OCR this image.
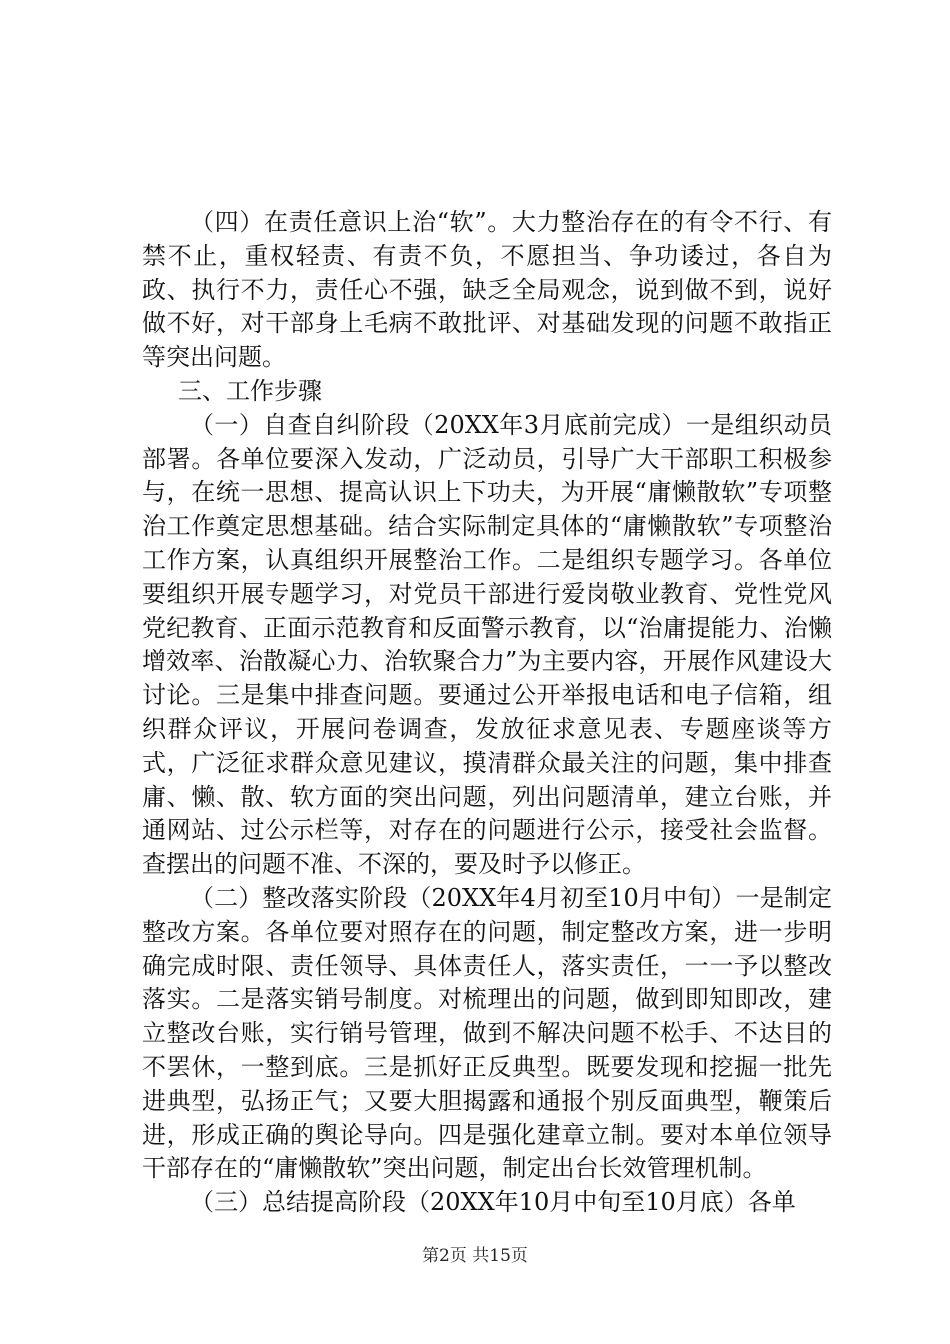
（四）在责任意识上治“软”。大力整治存在的有令不行、有禁不止，重权轻责、有责不负，不愿担当、争功诿过，各自为政、执行不力，责任心不强，缺乏全局观念，说到做不到，说好做不好，对干部身上毛病不敢批评、对基础发现的问题不敢指正等突出问题。

三、工作步骤

（一）自查自纠阶段（20XX年3月底前完成）一是组织动员部署。各单位要深入发动，广泛动员，引导广大干部职工积极参与，在统一思想、提高认识上下功夫，为开展“庸懒散软”专项整治工作奠定思想基础。结合实际制定具体的“庸懒散软”专项整治工作方案，认真组织开展整治工作。二是组织专题学习。各单位要组织开展专题学习，对党员干部进行爱岗敬业教育、党性党风党纪教育、正面示范教育和反面警示教育，以“治庸提能力、治懒增效率、治散凝心力、治软聚合力”为主要内容，开展作风建设大讨论。三是集中排查问题。要通过公开举报电话和电子信箱，组织群众评议，开展问卷调查，发放征求意见表、专题座谈等方式，广泛征求群众意见建议，摸清群众最关注的问题，集中排查庸、懒、散、软方面的突出问题，列出问题清单，建立台账，并通网站、过公示栏等，对存在的问题进行公示，接受社会监督。查摆出的问题不准、不深的，要及时予以修正。

（二）整改落实阶段（20XX年4月初至10月中旬）一是制定整改方案。各单位要对照存在的问题，制定整改方案，进一步明确完成时限、责任领导、具体责任人，落实责任，一一予以整改落实。二是落实销号制度。对梳理出的问题，做到即知即改，建立整改台账，实行销号管理，做到不解决问题不松手、不达目的不罢休，一整到底。三是抓好正反典型。既要发现和挖掘一批先进典型，弘扬正气；又要大胆揭露和通报个别反面典型，鞭策后进，形成正确的舆论导向。四是强化建章立制。要对本单位领导干部存在的“庸懒散软”突出问题，制定出台长效管理机制。

（三）总结提高阶段（20XX年10月中旬至10月底）各单

第2页 共15页
